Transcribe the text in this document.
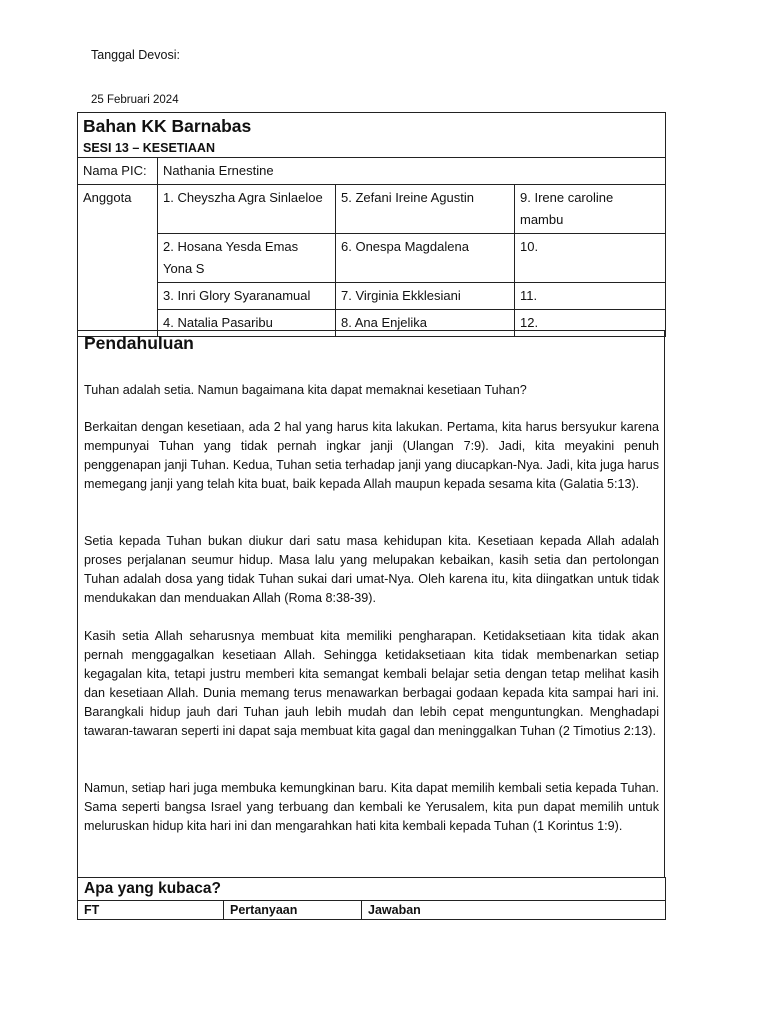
Tanggal Devosi:
25 Februari 2024
Bahan KK Barnabas			
SESI 13 – KESETIAAN			
Nama PIC:	Nathania Ernestine		
Anggota	1. Cheyszha Agra Sinlaeloe	5. Zefani Ireine Agustin	9. Irene caroline mambu
	2. Hosana Yesda Emas Yona S	6. Onespa Magdalena	10.
	3. Inri Glory Syaranamual	7. Virginia Ekklesiani	11.
	4. Natalia Pasaribu	8. Ana Enjelika	12.
Pendahuluan

Tuhan adalah setia. Namun bagaimana kita dapat memaknai kesetiaan Tuhan?

Berkaitan dengan kesetiaan, ada 2 hal yang harus kita lakukan. Pertama, kita harus bersyukur karena mempunyai Tuhan yang tidak pernah ingkar janji (Ulangan 7:9). Jadi, kita meyakini penuh penggenapan janji Tuhan. Kedua, Tuhan setia terhadap janji yang diucapkan-Nya. Jadi, kita juga harus memegang janji yang telah kita buat, baik kepada Allah maupun kepada sesama kita (Galatia 5:13).

Setia kepada Tuhan bukan diukur dari satu masa kehidupan kita. Kesetiaan kepada Allah adalah proses perjalanan seumur hidup. Masa lalu yang melupakan kebaikan, kasih setia dan pertolongan Tuhan adalah dosa yang tidak Tuhan sukai dari umat-Nya. Oleh karena itu, kita diingatkan untuk tidak mendukakan dan menduakan Allah (Roma 8:38-39).

Kasih setia Allah seharusnya membuat kita memiliki pengharapan. Ketidaksetiaan kita tidak akan pernah menggagalkan kesetiaan Allah. Sehingga ketidaksetiaan kita tidak membenarkan setiap kegagalan kita, tetapi justru memberi kita semangat kembali belajar setia dengan tetap melihat kasih dan kesetiaan Allah. Dunia memang terus menawarkan berbagai godaan kepada kita sampai hari ini. Barangkali hidup jauh dari Tuhan jauh lebih mudah dan lebih cepat menguntungkan. Menghadapi tawaran-tawaran seperti ini dapat saja membuat kita gagal dan meninggalkan Tuhan (2 Timotius 2:13).

Namun, setiap hari juga membuka kemungkinan baru. Kita dapat memilih kembali setia kepada Tuhan. Sama seperti bangsa Israel yang terbuang dan kembali ke Yerusalem, kita pun dapat memilih untuk meluruskan hidup kita hari ini dan mengarahkan hati kita kembali kepada Tuhan (1 Korintus 1:9).

Apa yang kubaca?
FT	Pertanyaan	Jawaban
